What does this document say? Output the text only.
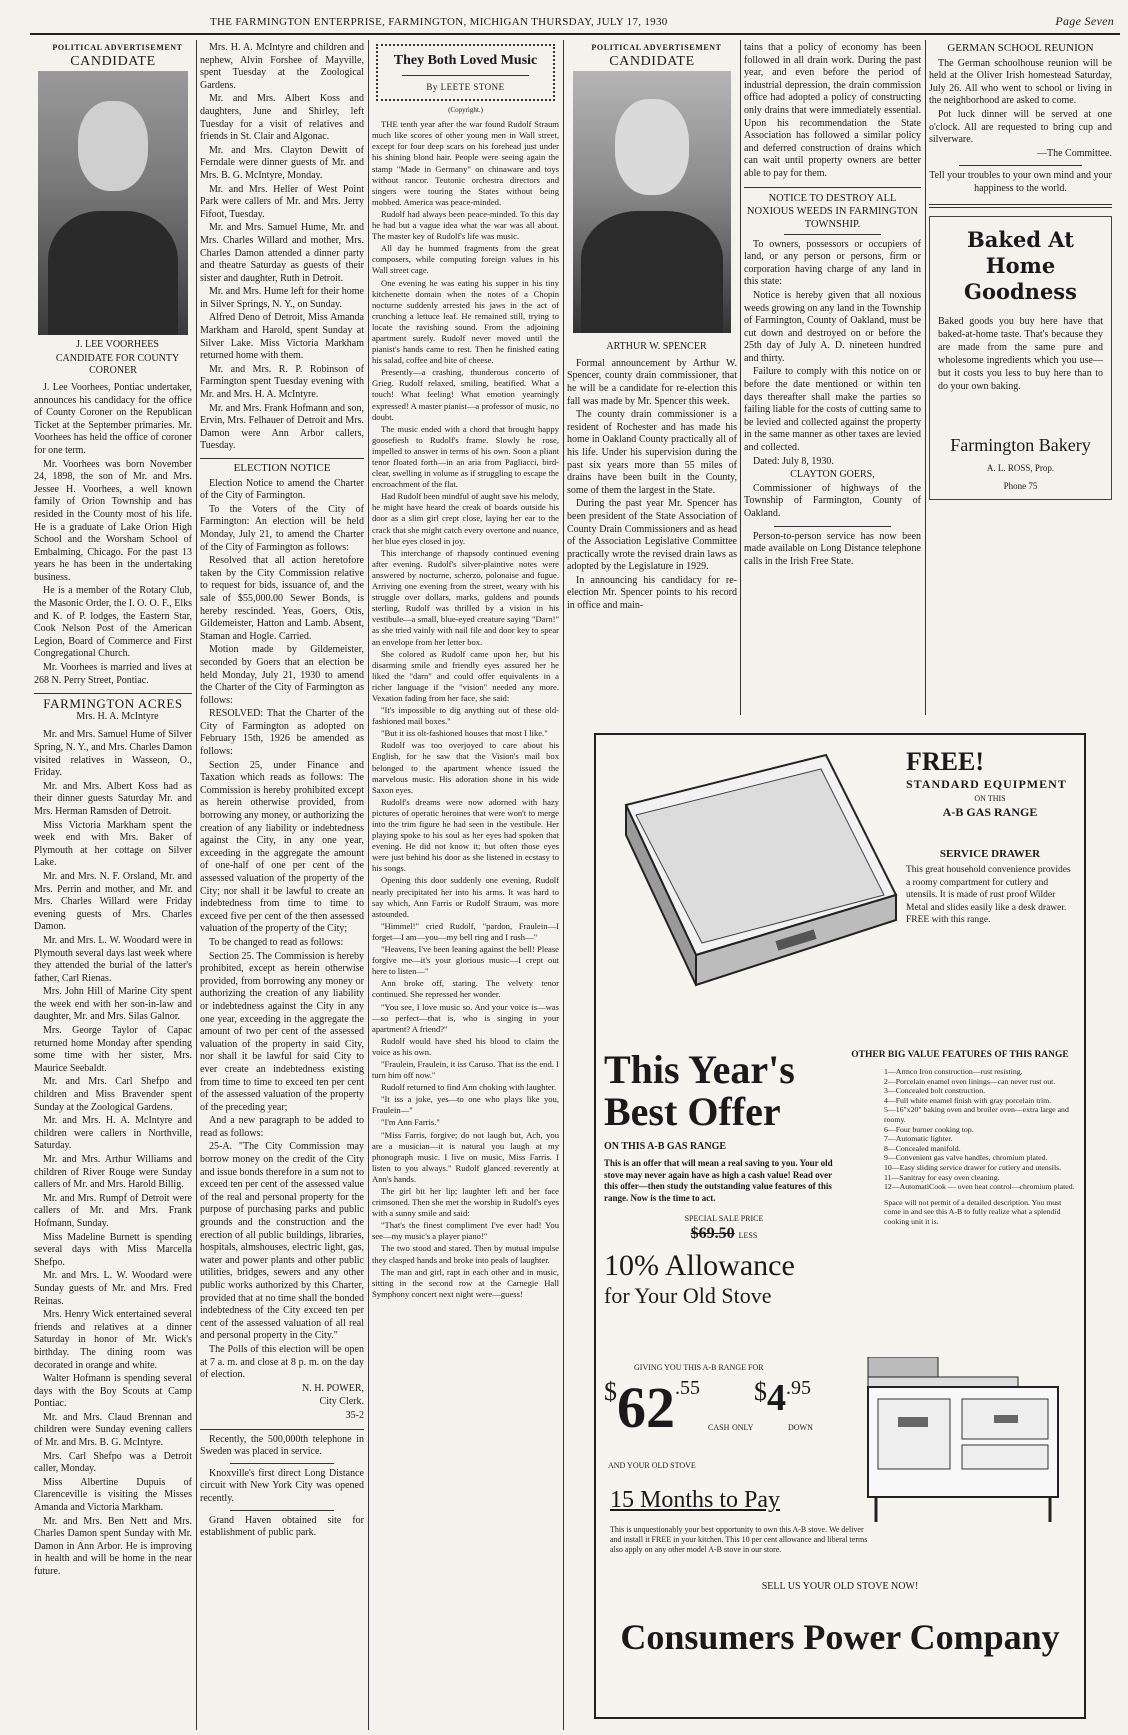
THE FARMINGTON ENTERPRISE, FARMINGTON, MICHIGAN THURSDAY, JULY 17, 1930	Page Seven

POLITICAL ADVERTISEMENT

CANDIDATE

J. LEE VOORHEES

CANDIDATE FOR COUNTY CORONER

J. Lee Voorhees, Pontiac undertaker, announces his candidacy for the office of County Coroner on the Republican Ticket at the September primaries. Mr. Voorhees has held the office of coroner for one term.

Mr. Voorhees was born November 24, 1898, the son of Mr. and Mrs. Jessee H. Voorhees, a well known family of Orion Township and has resided in the County most of his life. He is a graduate of Lake Orion High School and the Worsham School of Embalming, Chicago. For the past 13 years he has been in the undertaking business.

He is a member of the Rotary Club, the Masonic Order, the I. O. O. F., Elks and K. of P. lodges, the Eastern Star, Cook Nelson Post of the American Legion, Board of Commerce and First Congregational Church.

Mr. Voorhees is married and lives at 268 N. Perry Street, Pontiac.

FARMINGTON ACRES

Mrs. H. A. McIntyre

Mr. and Mrs. Samuel Hume of Silver Spring, N. Y., and Mrs. Charles Damon visited relatives in Wasseon, O., Friday.

Mr. and Mrs. Albert Koss had as their dinner guests Saturday Mr. and Mrs. Herman Ramsden of Detroit.

Miss Victoria Markham spent the week end with Mrs. Baker of Plymouth at her cottage on Silver Lake.

Mr. and Mrs. N. F. Orsland, Mr. and Mrs. Perrin and mother, and Mr. and Mrs. Charles Willard were Friday evening guests of Mrs. Charles Damon.

Mr. and Mrs. L. W. Woodard were in Plymouth several days last week where they attended the burial of the latter's father, Carl Rienas.

Mrs. John Hill of Marine City spent the week end with her son-in-law and daughter, Mr. and Mrs. Silas Galnor.

Mrs. George Taylor of Capac returned home Monday after spending some time with her sister, Mrs. Maurice Seebaldt.

Mr. and Mrs. Carl Shefpo and children and Miss Bravender spent Sunday at the Zoological Gardens.

Mr. and Mrs. H. A. McIntyre and children were callers in Northville, Saturday.

Mr. and Mrs. Arthur Williams and children of River Rouge were Sunday callers of Mr. and Mrs. Harold Billig.

Mr. and Mrs. Rumpf of Detroit were callers of Mr. and Mrs. Frank Hofmann, Sunday.

Miss Madeline Burnett is spending several days with Miss Marcella Shefpo.

Mr. and Mrs. L. W. Woodard were Sunday guests of Mr. and Mrs. Fred Reinas.

Mrs. Henry Wick entertained several friends and relatives at a dinner Saturday in honor of Mr. Wick's birthday. The dining room was decorated in orange and white.

Walter Hofmann is spending several days with the Boy Scouts at Camp Pontiac.

Mr. and Mrs. Claud Brennan and children were Sunday evening callers of Mr. and Mrs. B. G. McIntyre.

Mrs. Carl Shefpo was a Detroit caller, Monday.

Miss Albertine Dupuis of Clarenceville is visiting the Misses Amanda and Victoria Markham.

Mr. and Mrs. Ben Nett and Mrs. Charles Damon spent Sunday with Mr. Damon in Ann Arbor. He is improving in health and will be home in the near future.

Mrs. H. A. McIntyre and children and nephew, Alvin Forshee of Mayville, spent Tuesday at the Zoological Gardens.

Mr. and Mrs. Albert Koss and daughters, June and Shirley, left Tuesday for a visit of relatives and friends in St. Clair and Algonac.

Mr. and Mrs. Clayton Dewitt of Ferndale were dinner guests of Mr. and Mrs. B. G. McIntyre, Monday.

Mr. and Mrs. Heller of West Point Park were callers of Mr. and Mrs. Jerry Fifoot, Tuesday.

Mr. and Mrs. Samuel Hume, Mr. and Mrs. Charles Willard and mother, Mrs. Charles Damon attended a dinner party and theatre Saturday as guests of their sister and daughter, Ruth in Detroit.

Mr. and Mrs. Hume left for their home in Silver Springs, N. Y., on Sunday.

Alfred Deno of Detroit, Miss Amanda Markham and Harold, spent Sunday at Silver Lake. Miss Victoria Markham returned home with them.

Mr. and Mrs. R. P. Robinson of Farmington spent Tuesday evening with Mr. and Mrs. H. A. McIntyre.

Mr. and Mrs. Frank Hofmann and son, Ervin, Mrs. Felhauer of Detroit and Mrs. Damon were Ann Arbor callers, Tuesday.

ELECTION NOTICE

Election Notice to amend the Charter of the City of Farmington.

To the Voters of the City of Farmington: An election will be held Monday, July 21, to amend the Charter of the City of Farmington as follows:

Resolved that all action heretofore taken by the City Commission relative to request for bids, issuance of, and the sale of $55,000.00 Sewer Bonds, is hereby rescinded. Yeas, Goers, Otis, Gildemeister, Hatton and Lamb. Absent, Staman and Hogle. Carried.

Motion made by Gildemeister, seconded by Goers that an election be held Monday, July 21, 1930 to amend the Charter of the City of Farmington as follows:

RESOLVED: That the Charter of the City of Farmington as adopted on February 15th, 1926 be amended as follows:

Section 25, under Finance and Taxation which reads as follows: The Commission is hereby prohibited except as herein otherwise provided, from borrowing any money, or authorizing the creation of any liability or indebtedness against the City, in any one year, exceeding in the aggregate the amount of one-half of one per cent of the assessed valuation of the property of the City; nor shall it be lawful to create an indebtedness from time to time to exceed five per cent of the then assessed valuation of the property of the City;

To be changed to read as follows:

Section 25. The Commission is hereby prohibited, except as herein otherwise provided, from borrowing any money or authorizing the creation of any liability or indebtedness against the City in any one year, exceeding in the aggregate the amount of two per cent of the assessed valuation of the property in said City, nor shall it be lawful for said City to ever create an indebtedness existing from time to time to exceed ten per cent of the assessed valuation of the property of the preceding year;

And a new paragraph to be added to read as follows:

25-A. "The City Commission may borrow money on the credit of the City and issue bonds therefore in a sum not to exceed ten per cent of the assessed value of the real and personal property for the purpose of purchasing parks and public grounds and the construction and the erection of all public buildings, libraries, hospitals, almshouses, electric light, gas, water and power plants and other public utilities, bridges, sewers and any other public works authorized by this Charter, provided that at no time shall the bonded indebtedness of the City exceed ten per cent of the assessed valuation of all real and personal property in the City."

The Polls of this election will be open at 7 a. m. and close at 8 p. m. on the day of election.

N. H. POWER,

City Clerk.

35-2

Recently, the 500,000th telephone in Sweden was placed in service.

Knoxville's first direct Long Distance circuit with New York City was opened recently.

Grand Haven obtained site for establishment of public park.

They Both Loved Music
By LEETE STONE
(Copyright.)

THE tenth year after the war found Rudolf Straum much like scores of other young men in Wall street, except for four deep scars on his forehead just under his shining blond hair. People were seeing again the stamp "Made in Germany" on chinaware and toys without rancor. Teutonic orchestra directors and singers were touring the States without being mobbed. America was peace-minded.

Rudolf had always been peace-minded. To this day he had but a vague idea what the war was all about. The master key of Rudolf's life was music.

All day he hummed fragments from the great composers, while computing foreign values in his Wall street cage.

One evening he was eating his supper in his tiny kitchenette domain when the notes of a Chopin nocturne suddenly arrested his jaws in the act of crunching a lettuce leaf. He remained still, trying to locate the ravishing sound. From the adjoining apartment surely. Rudolf never moved until the pianist's hands came to rest. Then he finished eating his salad, coffee and bite of cheese.

Presently—a crashing, thunderous concerto of Grieg. Rudolf relaxed, smiling, beatified. What a touch! What feeling! What emotion yearningly expressed! A master pianist—a professor of music, no doubt.

The music ended with a chord that brought happy goosefiesh to Rudolf's frame. Slowly he rose, impelled to answer in terms of his own. Soon a pliant tenor floated forth—in an aria from Pagliacci, bird-clear, swelling in volume as if struggling to escape the encroachment of the flat.

Had Rudolf been mindful of aught save his melody, he might have heard the creak of boards outside his door as a slim girl crept close, laying her ear to the crack that she might catch every overtone and nuance, her blue eyes closed in joy.

This interchange of rhapsody continued evening after evening. Rudolf's silver-plaintive notes were answered by nocturne, scherzo, polonaise and fugue. Arriving one evening from the street, weary with his struggle over dollars, marks, guldens and pounds sterling, Rudolf was thrilled by a vision in his vestibule—a small, blue-eyed creature saying "Darn!" as she tried vainly with nail file and door key to spear an envelope from her letter box.

She colored as Rudolf came upon her, but his disarming smile and friendly eyes assured her he liked the "darn" and could offer equivalents in a richer language if the "vision" needed any more. Vexation fading from her face, she said:

"It's impossible to dig anything out of these old-fashioned mail boxes."

"But it iss olt-fashioned houses that most I like."

Rudolf was too overjoyed to care about his English, for he saw that the Vision's mail box belonged to the apartment whence issued the marvelous music. His adoration shone in his wide Saxon eyes.

Rudolf's dreams were now adorned with hazy pictures of operatic heroines that were won't to merge into the trim figure he had seen in the vestibule. Her playing spoke to his soul as her eyes had spoken that evening. He did not know it; but often those eyes were just behind his door as she listened in ecstasy to his songs.

Opening this door suddenly one evening, Rudolf nearly precipitated her into his arms. It was hard to say which, Ann Farris or Rudolf Straum, was more astounded.

"Himmel!" cried Rudolf, "pardon, Fraulein—I forget—I am—you—my bell ring and I rush—"

"Heavens, I've been leaning against the bell! Please forgive me—it's your glorious music—I crept out here to listen—"

Ann broke off, staring. The velvety tenor continued. She repressed her wonder.

"You see, I love music so. And your voice is—was—so perfect—that is, who is singing in your apartment? A friend?"

Rudolf would have shed his blood to claim the voice as his own.

"Fraulein, Fraulein, it iss Caruso. That iss the end. I turn him off now."

Rudolf returned to find Ann choking with laughter.

"It iss a joke, yes—to one who plays like you, Fraulein—"

"I'm Ann Farris."

"Miss Farris, forgive; do not laugh but, Ach, you are a musician—it is natural you laugh at my phonograph music. I live on music, Miss Farris. I listen to you always." Rudolf glanced reverently at Ann's hands.

The girl bit her lip; laughter left and her face crimsoned. Then she met the worship in Rudolf's eyes with a sunny smile and said:

"That's the finest compliment I've ever had! You see—my music's a player piano!"

The two stood and stared. Then by mutual impulse they clasped hands and broke into peals of laughter.

The man and girl, rapt in each other and in music, sitting in the second row at the Carnegie Hall Symphony concert next night were—guess!

POLITICAL ADVERTISEMENT

CANDIDATE

ARTHUR W. SPENCER

Formal announcement by Arthur W. Spencer, county drain commissioner, that he will be a candidate for re-election this fall was made by Mr. Spencer this week.

The county drain commissioner is a resident of Rochester and has made his home in Oakland County practically all of his life. Under his supervision during the past six years more than 55 miles of drains have been built in the County, some of them the largest in the State.

During the past year Mr. Spencer has been president of the State Association of County Drain Commissioners and as head of the Association Legislative Committee practically wrote the revised drain laws as adopted by the Legislature in 1929.

In announcing his candidacy for re-election Mr. Spencer points to his record in office and main-

tains that a policy of economy has been followed in all drain work. During the past year, and even before the period of industrial depression, the drain commission office had adopted a policy of constructing only drains that were immediately essential. Upon his recommendation the State Association has followed a similar policy and deferred construction of drains which can wait until property owners are better able to pay for them.

NOTICE TO DESTROY ALL NOXIOUS WEEDS IN FARMINGTON TOWNSHIP.

To owners, possessors or occupiers of land, or any person or persons, firm or corporation having charge of any land in this state:

Notice is hereby given that all noxious weeds growing on any land in the Township of Farmington, County of Oakland, must be cut down and destroyed on or before the 25th day of July A. D. nineteen hundred and thirty.

Failure to comply with this notice on or before the date mentioned or within ten days thereafter shall make the parties so failing liable for the costs of cutting same to be levied and collected against the property in the same manner as other taxes are levied and collected.

Dated: July 8, 1930.

CLAYTON GOERS,

Commissioner of highways of the Township of Farmington, County of Oakland.

Person-to-person service has now been made available on Long Distance telephone calls in the Irish Free State.

GERMAN SCHOOL REUNION

The German schoolhouse reunion will be held at the Oliver Irish homestead Saturday, July 26. All who went to school or living in the neighborhood are asked to come.

Pot luck dinner will be served at one o'clock. All are requested to bring cup and silverware.

—The Committee.

Tell your troubles to your own mind and your happiness to the world.

Baked At Home Goodness

Baked goods you buy here have that baked-at-home taste. That's because they are made from the same pure and wholesome ingredients which you use—but it costs you less to buy here than to do your own baking.

Farmington Bakery
A. L. ROSS, Prop.
Phone 75
FREE!
STANDARD EQUIPMENT
ON THIS
A-B GAS RANGE
SERVICE DRAWER

This great household convenience provides a roomy compartment for cutlery and utensils. It is made of rust proof Wilder Metal and slides easily like a desk drawer. FREE with this range.

This Year's
Best Offer
ON THIS A-B GAS RANGE

This is an offer that will mean a real saving to you. Your old stove may never again have as high a cash value! Read over this offer—then study the outstanding value features of this range. Now is the time to act.

SPECIAL SALE PRICE
$69.50 LESS
10% Allowance
for Your Old Stove
OTHER BIG VALUE FEATURES OF THIS RANGE
1—Armco Iron construction—rust resisting.
2—Porcelain enamel oven linings—can never rust out.
3—Concealed bolt construction.
4—Full white enamel finish with gray porcelain trim.
5—16"x20" baking oven and broiler oven—extra large and roomy.
6—Four burner cooking top.
7—Automatic lighter.
8—Concealed manifold.
9—Convenient gas valve handles, chromium plated.
10—Easy sliding service drawer for cutlery and utensils.
11—Sanitray for easy oven cleaning.
12—AutomatiCook — oven heat control—chromium plated.

Space will not permit of a detailed description. You must come in and see this A-B to fully realize what a splendid cooking unit it is.

GIVING YOU THIS A-B RANGE FOR
$62.55
CASH
$4.95
ONLY	DOWN
AND YOUR OLD STOVE
15 Months to Pay

This is unquestionably your best opportunity to own this A-B stove. We deliver and install it FREE in your kitchen. This 10 per cent allowance and liberal terms also apply on any other model A-B stove in our store.

SELL US YOUR OLD STOVE NOW!
Consumers Power Company
